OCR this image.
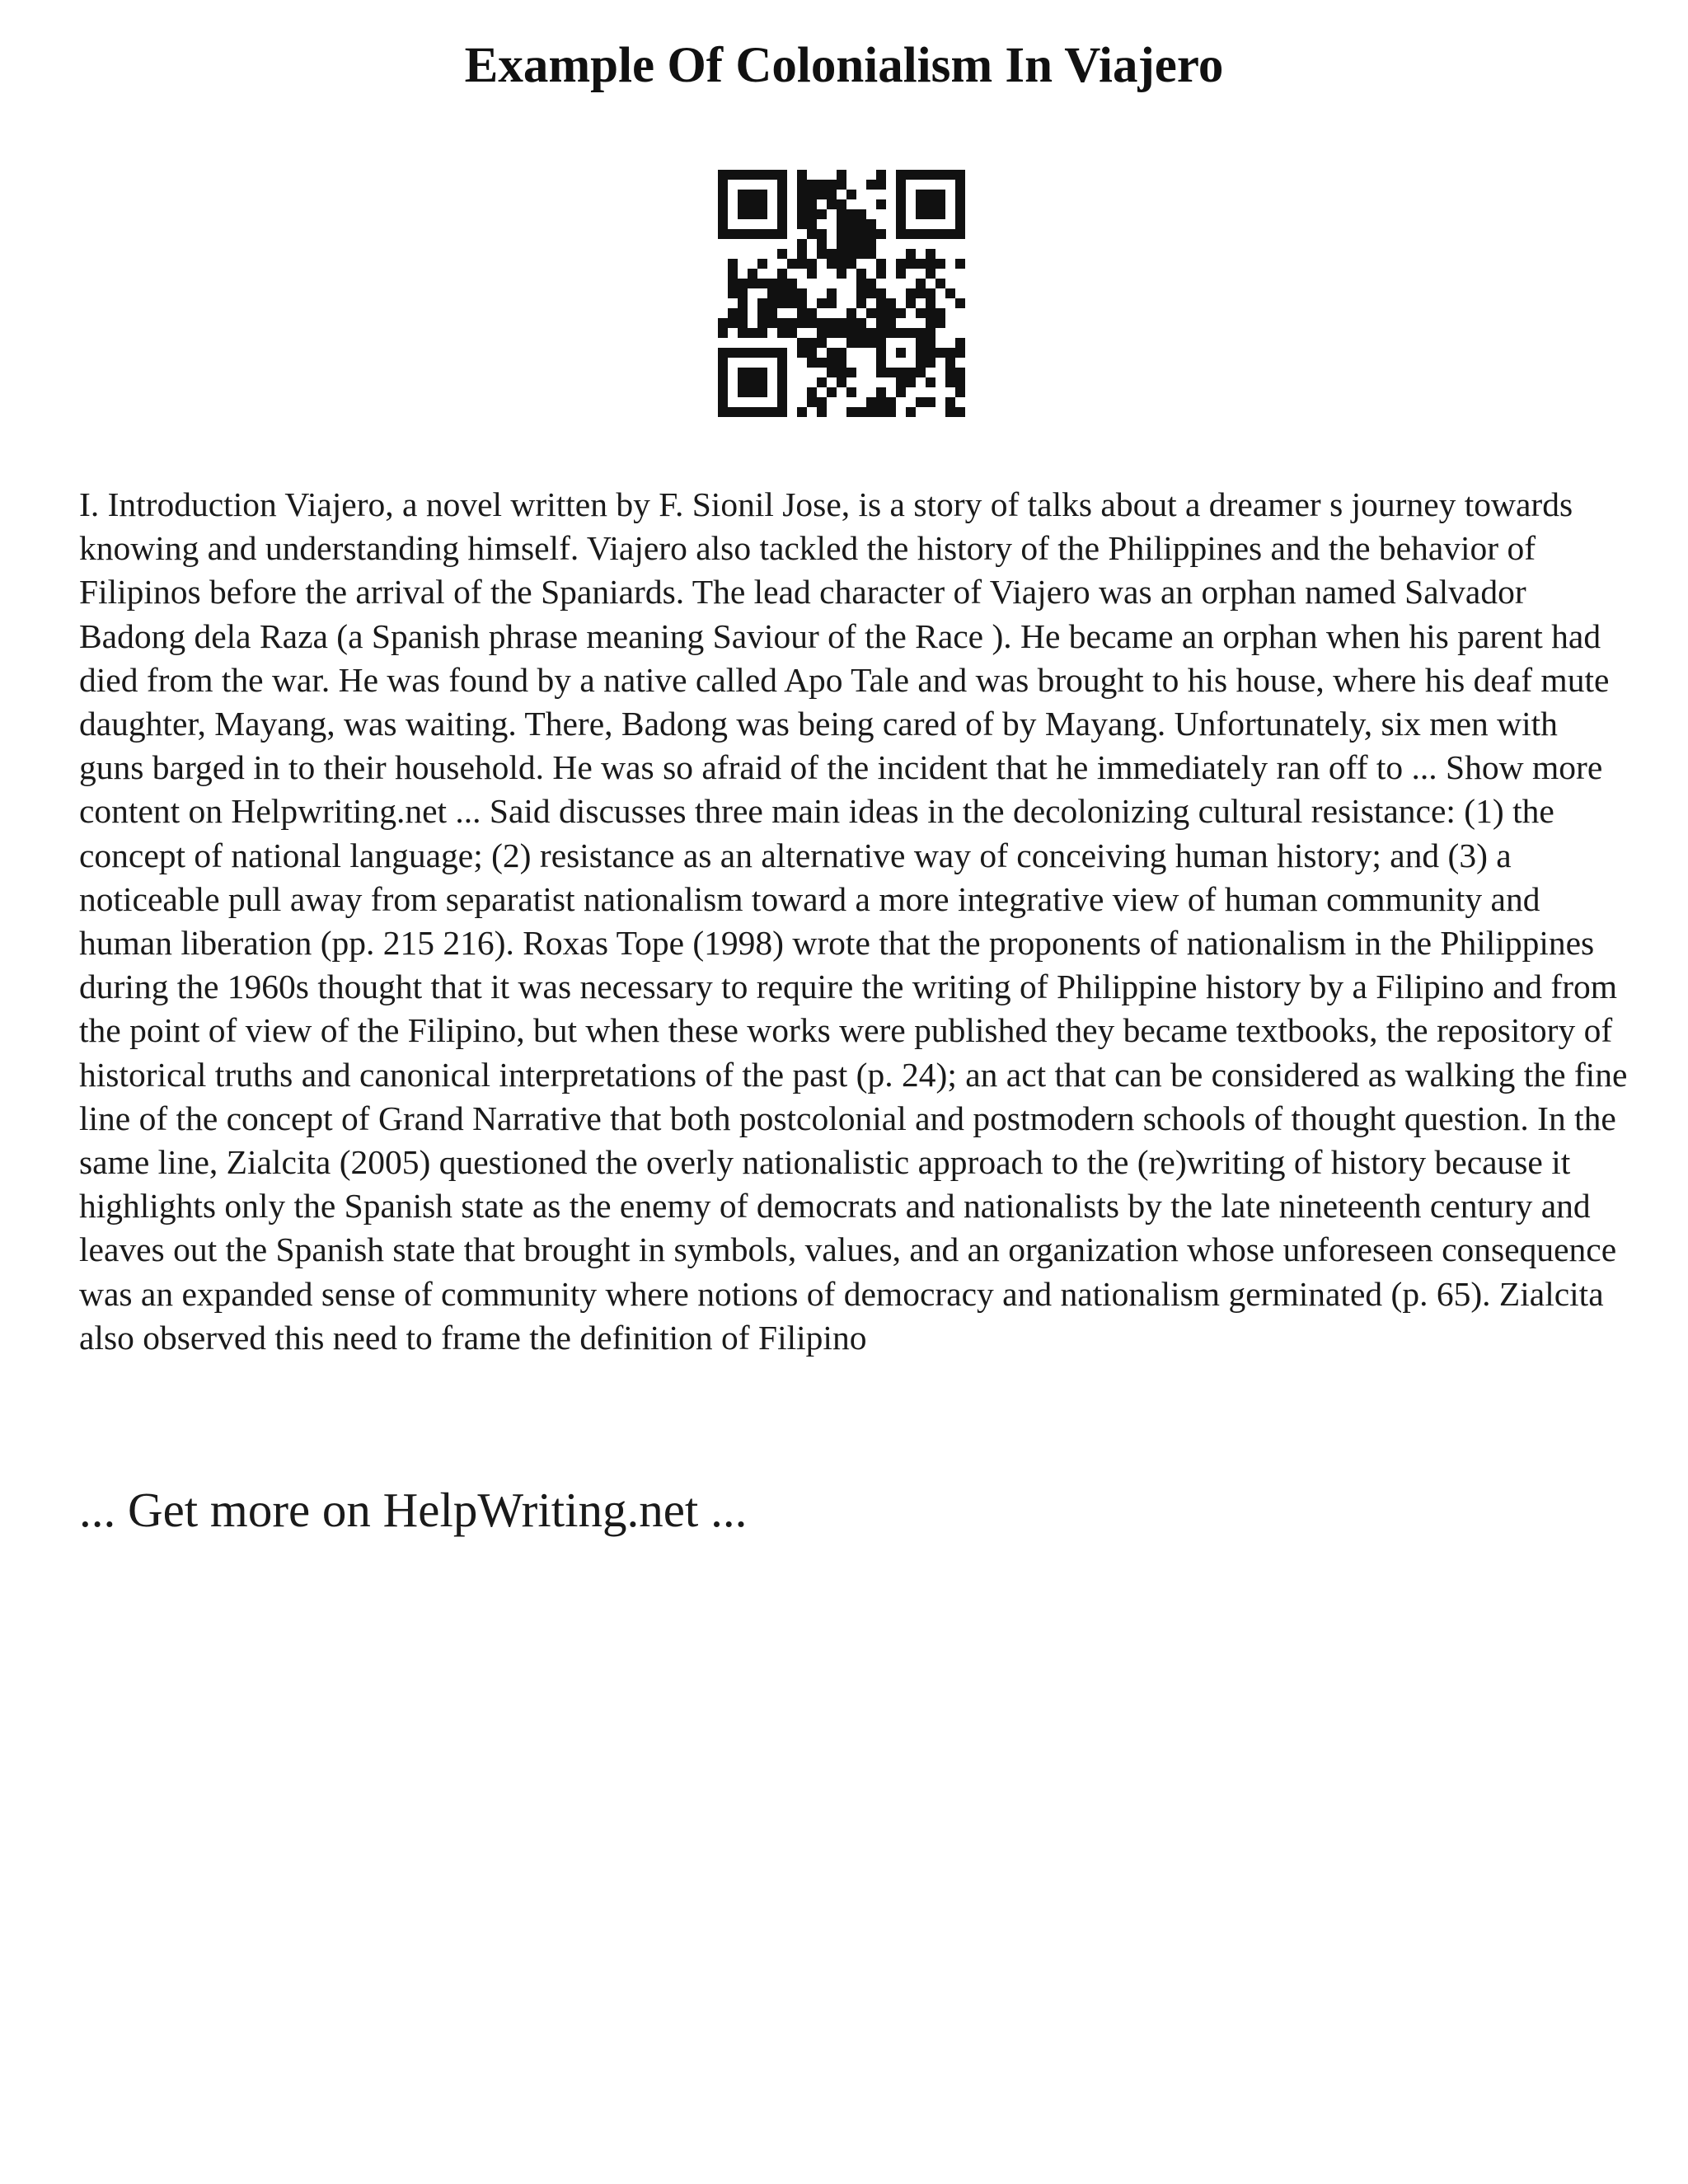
Example Of Colonialism In Viajero

I. Introduction Viajero, a novel written by F. Sionil Jose, is a story of talks about a dreamer s journey towards knowing and understanding himself. Viajero also tackled the history of the Philippines and the behavior of Filipinos before the arrival of the Spaniards. The lead character of Viajero was an orphan named Salvador Badong dela Raza (a Spanish phrase meaning Saviour of the Race ). He became an orphan when his parent had died from the war. He was found by a native called Apo Tale and was brought to his house, where his deaf mute daughter, Mayang, was waiting. There, Badong was being cared of by Mayang. Unfortunately, six men with guns barged in to their household. He was so afraid of the incident that he immediately ran off to ... Show more content on Helpwriting.net ... Said discusses three main ideas in the decolonizing cultural resistance: (1) the concept of national language; (2) resistance as an alternative way of conceiving human history; and (3) a noticeable pull away from separatist nationalism toward a more integrative view of human community and human liberation (pp. 215 216). Roxas Tope (1998) wrote that the proponents of nationalism in the Philippines during the 1960s thought that it was necessary to require the writing of Philippine history by a Filipino and from the point of view of the Filipino, but when these works were published they became textbooks, the repository of historical truths and canonical interpretations of the past (p. 24); an act that can be considered as walking the fine line of the concept of Grand Narrative that both postcolonial and postmodern schools of thought question. In the same line, Zialcita (2005) questioned the overly nationalistic approach to the (re)writing of history because it highlights only the Spanish state as the enemy of democrats and nationalists by the late nineteenth century and leaves out the Spanish state that brought in symbols, values, and an organization whose unforeseen consequence was an expanded sense of community where notions of democracy and nationalism germinated (p. 65). Zialcita also observed this need to frame the definition of Filipino

... Get more on HelpWriting.net ...
